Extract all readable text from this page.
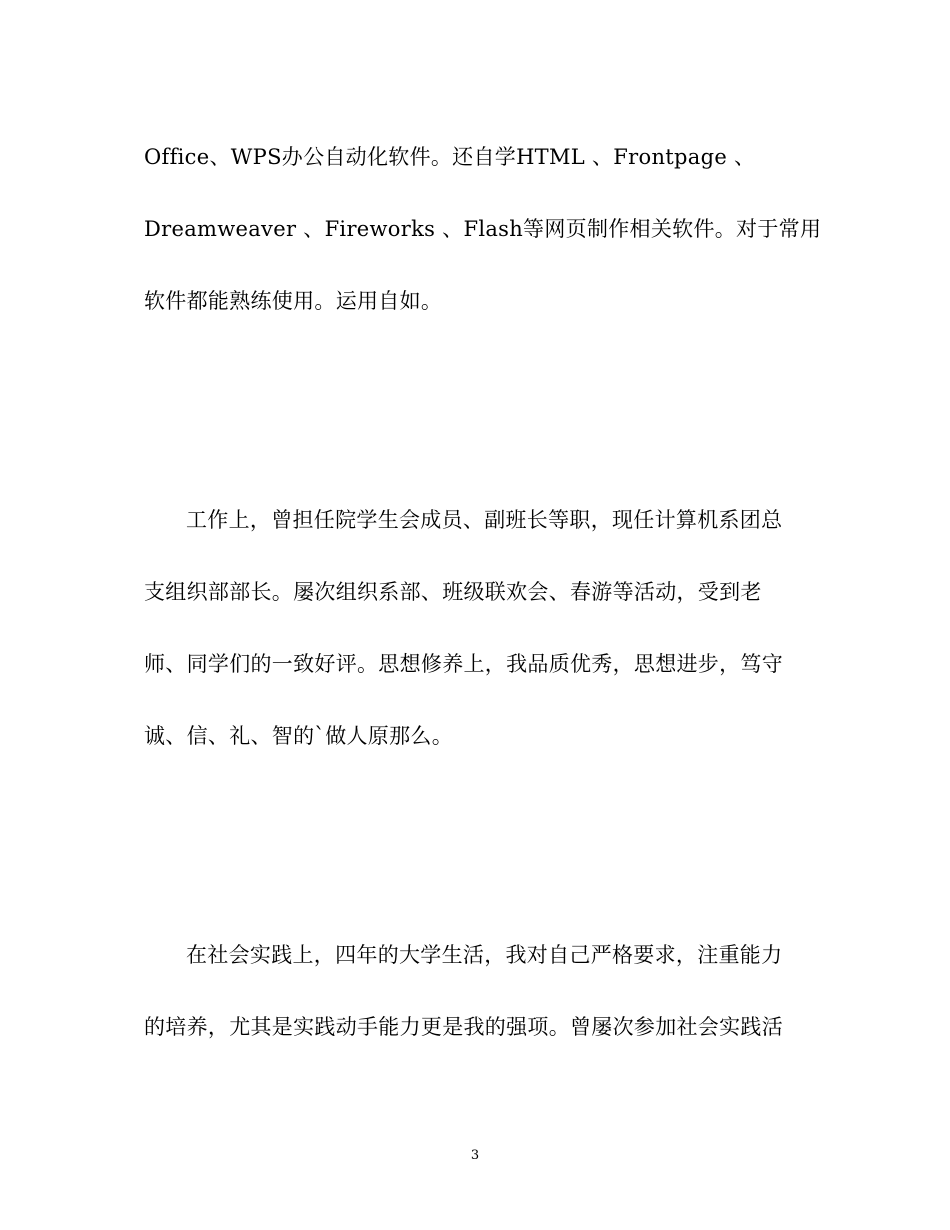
Office、WPS办公自动化软件。还自学HTML 、Frontpage 、
Dreamweaver 、Fireworks 、Flash等网页制作相关软件。对于常用
软件都能熟练使用。运用自如。
工作上，曾担任院学生会成员、副班长等职，现任计算机系团总
支组织部部长。屡次组织系部、班级联欢会、春游等活动，受到老
师、同学们的一致好评。思想修养上，我品质优秀，思想进步，笃守
诚、信、礼、智的`做人原那么。
在社会实践上，四年的大学生活，我对自己严格要求，注重能力
的培养，尤其是实践动手能力更是我的强项。曾屡次参加社会实践活
3
